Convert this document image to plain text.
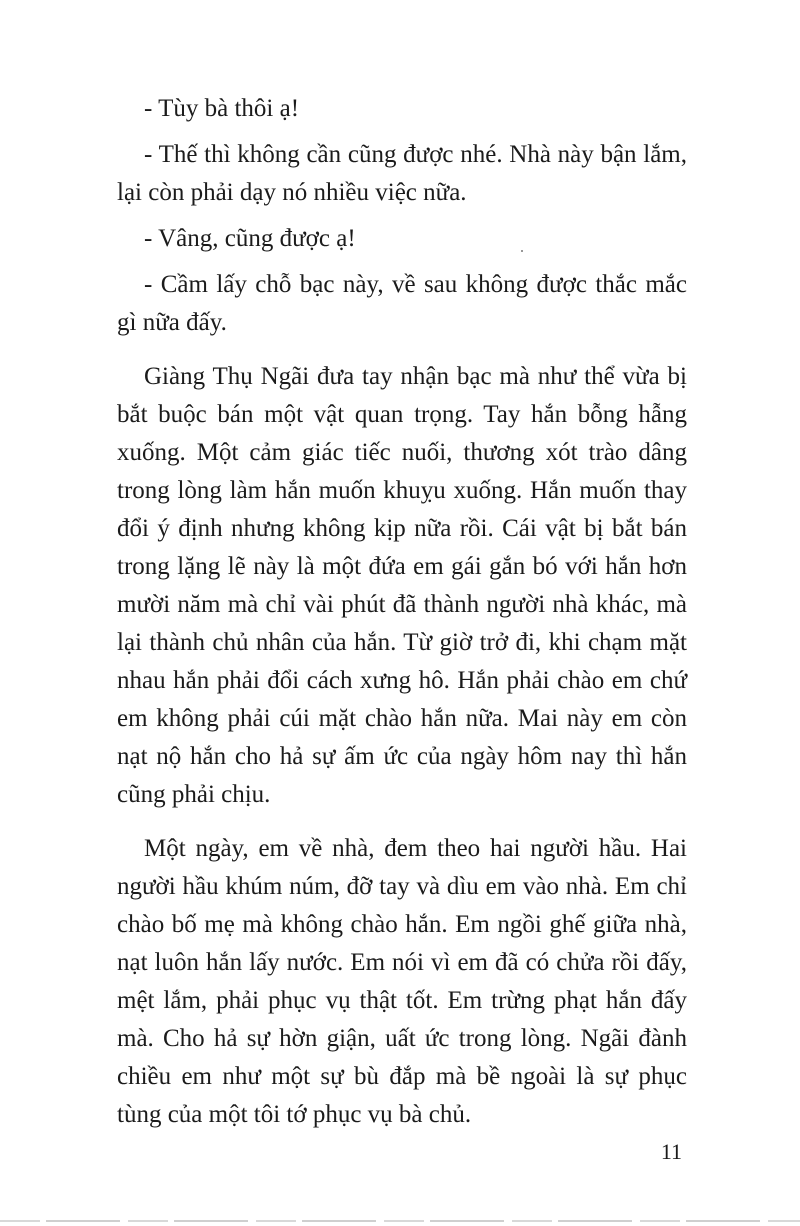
- Tùy bà thôi ạ!

- Thế thì không cần cũng được nhé. Nhà này bận lắm, lại còn phải dạy nó nhiều việc nữa.

- Vâng, cũng được ạ!

- Cầm lấy chỗ bạc này, về sau không được thắc mắc gì nữa đấy.

Giàng Thụ Ngãi đưa tay nhận bạc mà như thể vừa bị bắt buộc bán một vật quan trọng. Tay hắn bỗng hẫng xuống. Một cảm giác tiếc nuối, thương xót trào dâng trong lòng làm hắn muốn khuỵu xuống. Hắn muốn thay đổi ý định nhưng không kịp nữa rồi. Cái vật bị bắt bán trong lặng lẽ này là một đứa em gái gắn bó với hắn hơn mười năm mà chỉ vài phút đã thành người nhà khác, mà lại thành chủ nhân của hắn. Từ giờ trở đi, khi chạm mặt nhau hắn phải đổi cách xưng hô. Hắn phải chào em chứ em không phải cúi mặt chào hắn nữa. Mai này em còn nạt nộ hắn cho hả sự ấm ức của ngày hôm nay thì hắn cũng phải chịu.

Một ngày, em về nhà, đem theo hai người hầu. Hai người hầu khúm núm, đỡ tay và dìu em vào nhà. Em chỉ chào bố mẹ mà không chào hắn. Em ngồi ghế giữa nhà, nạt luôn hắn lấy nước. Em nói vì em đã có chửa rồi đấy, mệt lắm, phải phục vụ thật tốt. Em trừng phạt hắn đấy mà. Cho hả sự hờn giận, uất ức trong lòng. Ngãi đành chiều em như một sự bù đắp mà bề ngoài là sự phục tùng của một tôi tớ phục vụ bà chủ.

11
